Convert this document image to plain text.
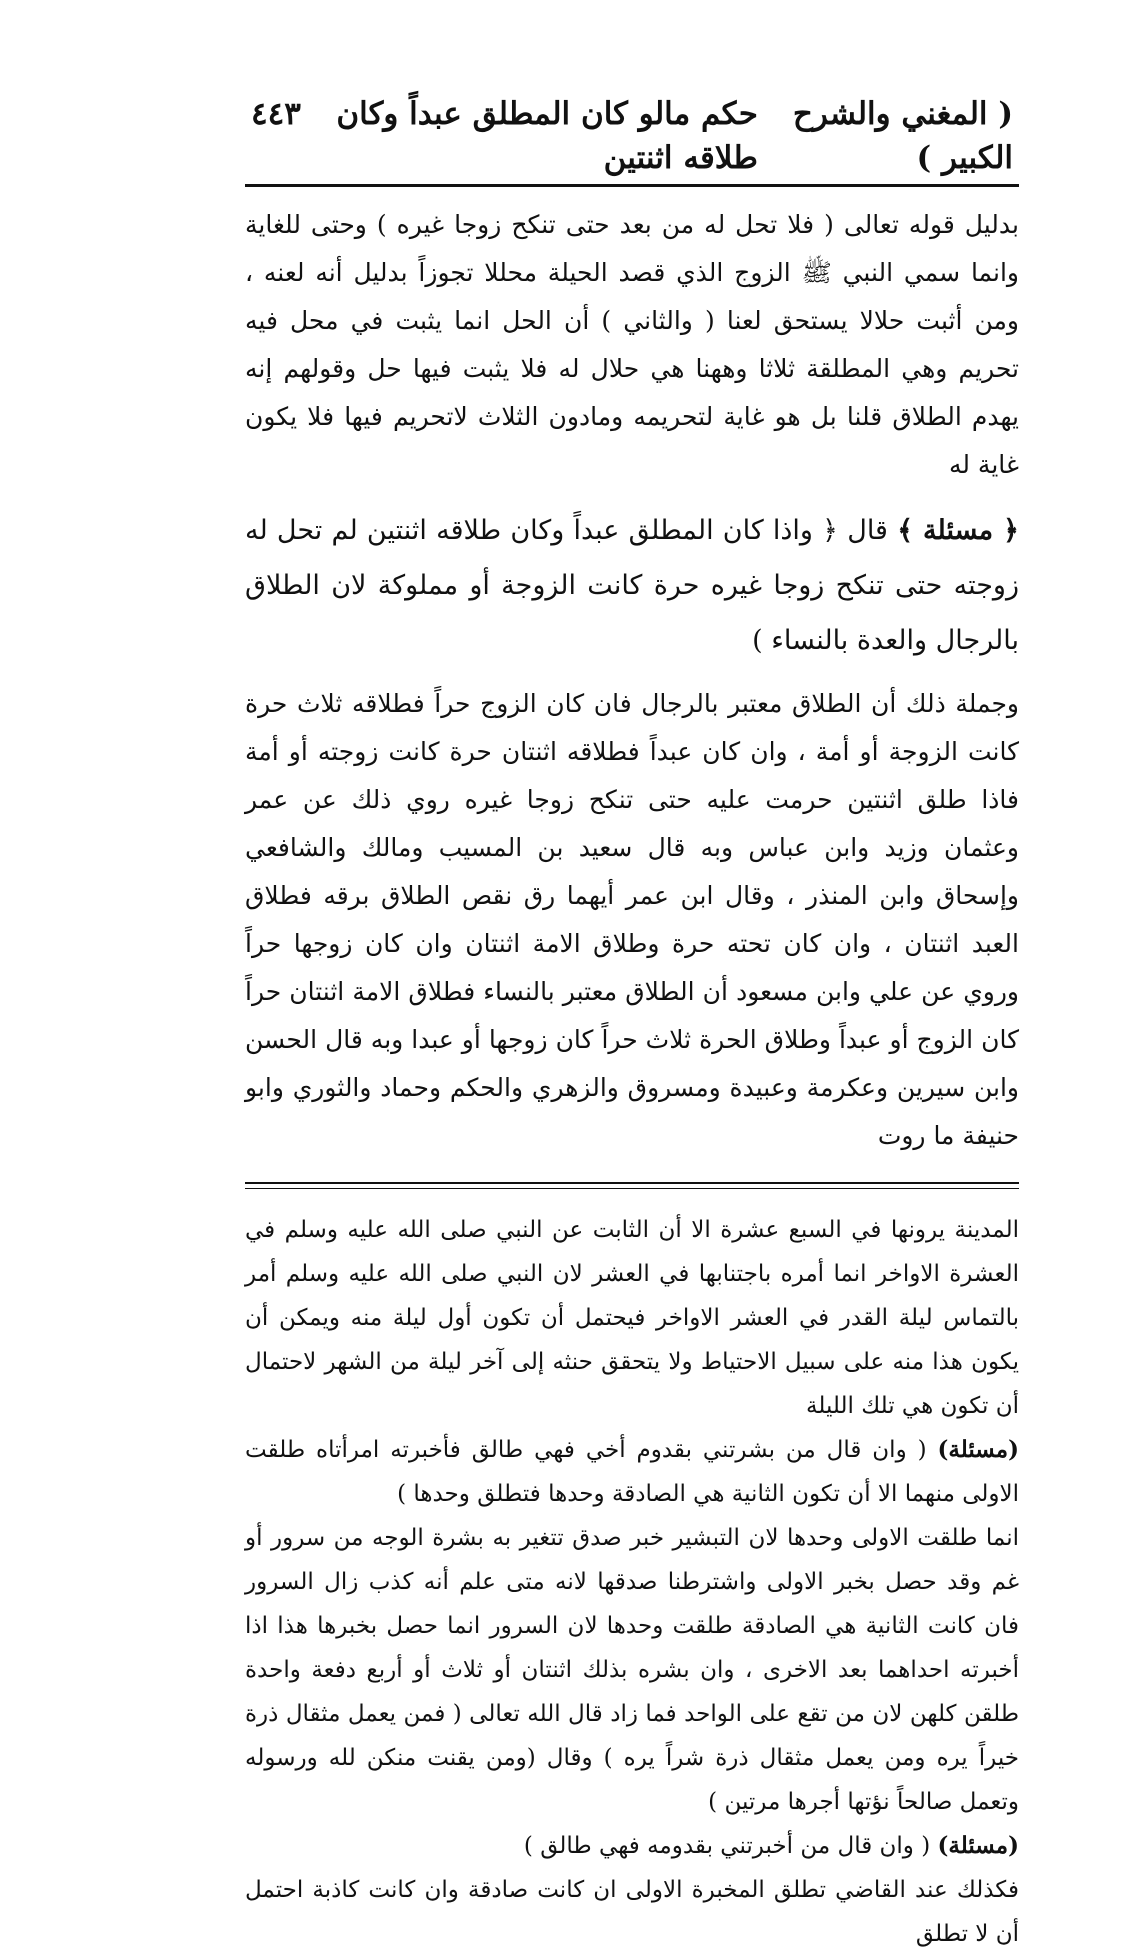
( المغني والشرح الكبير )
حكم مالو كان المطلق عبداً وكان طلاقه اثنتين
٤٤٣

بدليل قوله تعالى ( فلا تحل له من بعد حتى تنكح زوجا غيره ) وحتى للغاية وانما سمي النبي ﷺ الزوج الذي قصد الحيلة محللا تجوزاً بدليل أنه لعنه ، ومن أثبت حلالا يستحق لعنا ( والثاني ) أن الحل انما يثبت في محل فيه تحريم وهي المطلقة ثلاثا وههنا هي حلال له فلا يثبت فيها حل وقولهم إنه يهدم الطلاق قلنا بل هو غاية لتحريمه ومادون الثلاث لاتحريم فيها فلا يكون غاية له

﴿ مسئلة ﴾ قال ﴿ واذا كان المطلق عبداً وكان طلاقه اثنتين لم تحل له زوجته حتى تنكح زوجا غيره حرة كانت الزوجة أو مملوكة لان الطلاق بالرجال والعدة بالنساء )

وجملة ذلك أن الطلاق معتبر بالرجال فان كان الزوج حراً فطلاقه ثلاث حرة كانت الزوجة أو أمة ، وان كان عبداً فطلاقه اثنتان حرة كانت زوجته أو أمة فاذا طلق اثنتين حرمت عليه حتى تنكح زوجا غيره روي ذلك عن عمر وعثمان وزيد وابن عباس وبه قال سعيد بن المسيب ومالك والشافعي وإسحاق وابن المنذر ، وقال ابن عمر أيهما رق نقص الطلاق برقه فطلاق العبد اثنتان ، وان كان تحته حرة وطلاق الامة اثنتان وان كان زوجها حراً وروي عن علي وابن مسعود أن الطلاق معتبر بالنساء فطلاق الامة اثنتان حراً كان الزوج أو عبداً وطلاق الحرة ثلاث حراً كان زوجها أو عبدا وبه قال الحسن وابن سيرين وعكرمة وعبيدة ومسروق والزهري والحكم وحماد والثوري وابو حنيفة ما روت

المدينة يرونها في السبع عشرة الا أن الثابت عن النبي صلى الله عليه وسلم في العشرة الاواخر انما أمره باجتنابها في العشر لان النبي صلى الله عليه وسلم أمر بالتماس ليلة القدر في العشر الاواخر فيحتمل أن تكون أول ليلة منه ويمكن أن يكون هذا منه على سبيل الاحتياط ولا يتحقق حنثه إلى آخر ليلة من الشهر لاحتمال أن تكون هي تلك الليلة

(مسئلة) ( وان قال من بشرتني بقدوم أخي فهي طالق فأخبرته امرأتاه طلقت الاولى منهما الا أن تكون الثانية هي الصادقة وحدها فتطلق وحدها )

انما طلقت الاولى وحدها لان التبشير خبر صدق تتغير به بشرة الوجه من سرور أو غم وقد حصل بخبر الاولى واشترطنا صدقها لانه متى علم أنه كذب زال السرور فان كانت الثانية هي الصادقة طلقت وحدها لان السرور انما حصل بخبرها هذا اذا أخبرته احداهما بعد الاخرى ، وان بشره بذلك اثنتان أو ثلاث أو أربع دفعة واحدة طلقن كلهن لان من تقع على الواحد فما زاد قال الله تعالى ( فمن يعمل مثقال ذرة خيراً يره ومن يعمل مثقال ذرة شراً يره ) وقال (ومن يقنت منكن لله ورسوله وتعمل صالحاً نؤتها أجرها مرتين )

(مسئلة) ( وان قال من أخبرتني بقدومه فهي طالق )

فكذلك عند القاضي تطلق المخبرة الاولى ان كانت صادقة وان كانت كاذبة احتمل أن لا تطلق
